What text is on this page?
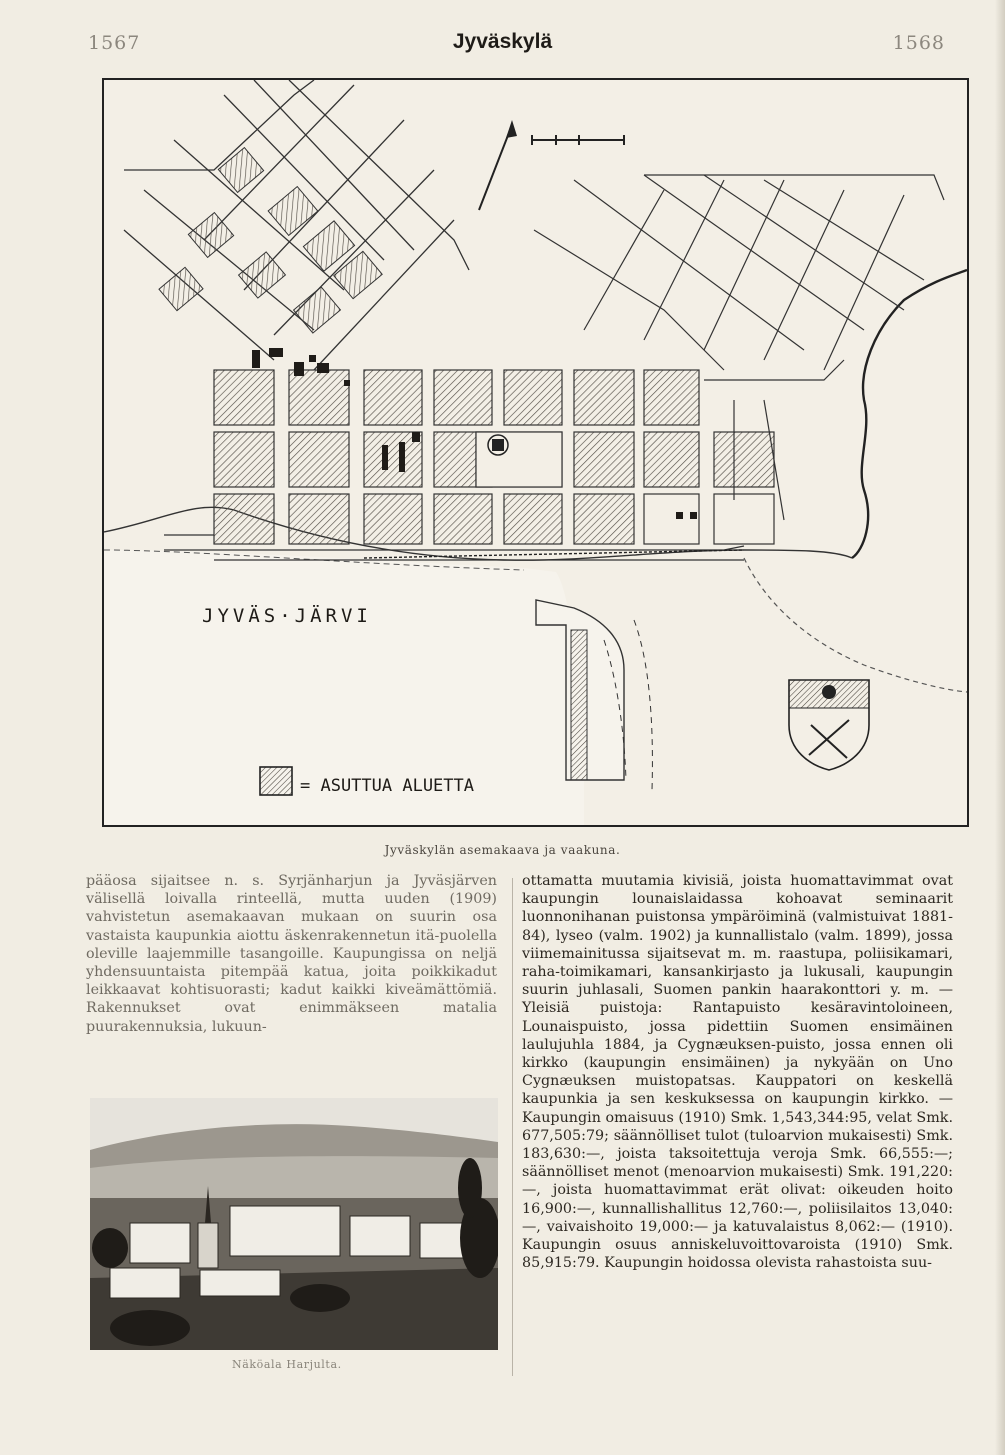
1567	Jyväskylä	1568
= ASUTTUA ALUETTA
JYVÄS·JÄRVI
Jyväskylän asemakaava ja vaakuna.

pääosa sijaitsee n. s. Syrjänharjun ja Jyväsjärven välisellä loivalla rinteellä, mutta uuden (1909) vahvistetun asemakaavan mukaan on suurin osa vastaista kaupunkia aiottu äskenrakennetun itä-puolella oleville laajemmille tasangoille. Kaupungissa on neljä yhdensuuntaista pitempää katua, joita poikkikadut leikkaavat kohtisuorasti; kadut kaikki kiveämättömiä. Rakennukset ovat enimmäkseen matalia puurakennuksia, lukuun-

Näköala Harjulta.

ottamatta muutamia kivisiä, joista huomattavimmat ovat kaupungin lounaislaidassa kohoavat seminaarit luonnonihanan puistonsa ympäröiminä (valmistuivat 1881-84), lyseo (valm. 1902) ja kunnallistalo (valm. 1899), jossa viimemainitussa sijaitsevat m. m. raastupa, poliisikamari, raha-toimikamari, kansankirjasto ja lukusali, kaupungin suurin juhlasali, Suomen pankin haarakonttori y. m. — Yleisiä puistoja: Rantapuisto kesäravintoloineen, Lounaispuisto, jossa pidettiin Suomen ensimäinen laulujuhla 1884, ja Cygnæuksen-puisto, jossa ennen oli kirkko (kaupungin ensimäinen) ja nykyään on Uno Cygnæuksen muistopatsas. Kauppatori on keskellä kaupunkia ja sen keskuksessa on kaupungin kirkko. — Kaupungin omaisuus (1910) Smk. 1,543,344:95, velat Smk. 677,505:79; säännölliset tulot (tuloarvion mukaisesti) Smk. 183,630:—, joista taksoitettuja veroja Smk. 66,555:—; säännölliset menot (menoarvion mukaisesti) Smk. 191,220:—, joista huomattavimmat erät olivat: oikeuden hoito 16,900:—, kunnallishallitus 12,760:—, poliisilaitos 13,040:—, vaivaishoito 19,000:— ja katuvalaistus 8,062:— (1910). Kaupungin osuus anniskeluvoittovaroista (1910) Smk. 85,915:79. Kaupungin hoidossa olevista rahastoista suu-
